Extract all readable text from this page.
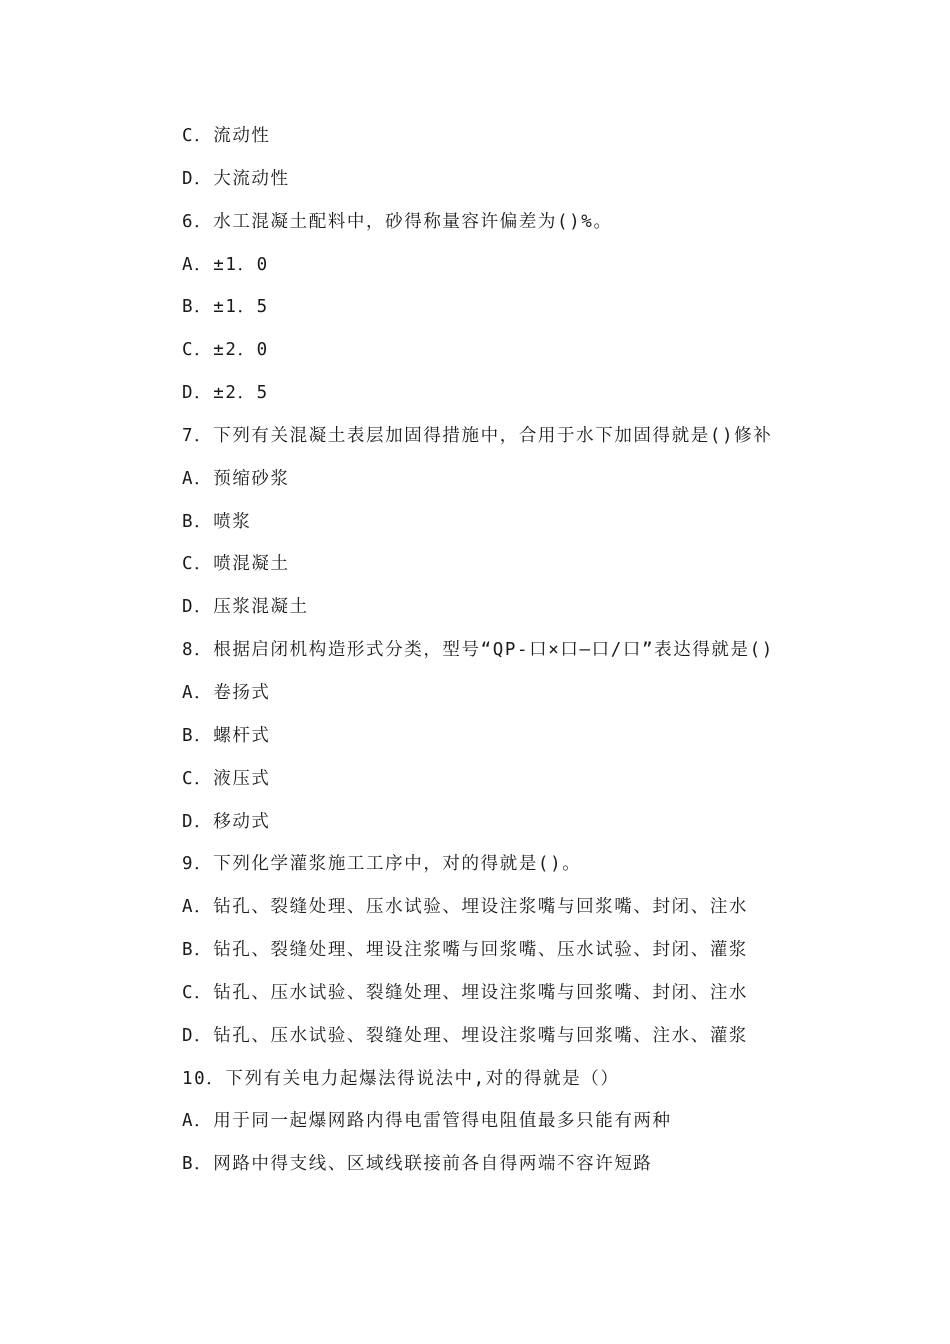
C．流动性
D．大流动性
6．水工混凝土配料中，砂得称量容许偏差为()%。
A．±1．0
B．±1．5
C．±2．0
D．±2．5
7．下列有关混凝土表层加固得措施中，合用于水下加固得就是()修补
A．预缩砂浆
B．喷浆
C．喷混凝土
D．压浆混凝土
8．根据启闭机构造形式分类，型号“QP-口×口—口/口”表达得就是()
A．卷扬式
B．螺杆式
C．液压式
D．移动式
9．下列化学灌浆施工工序中，对的得就是()。
A．钻孔、裂缝处理、压水试验、埋设注浆嘴与回浆嘴、封闭、注水
B．钻孔、裂缝处理、埋设注浆嘴与回浆嘴、压水试验、封闭、灌浆
C．钻孔、压水试验、裂缝处理、埋设注浆嘴与回浆嘴、封闭、注水
D．钻孔、压水试验、裂缝处理、埋设注浆嘴与回浆嘴、注水、灌浆
10．下列有关电力起爆法得说法中,对的得就是（）
A．用于同一起爆网路内得电雷管得电阻值最多只能有两种
B．网路中得支线、区域线联接前各自得两端不容许短路
